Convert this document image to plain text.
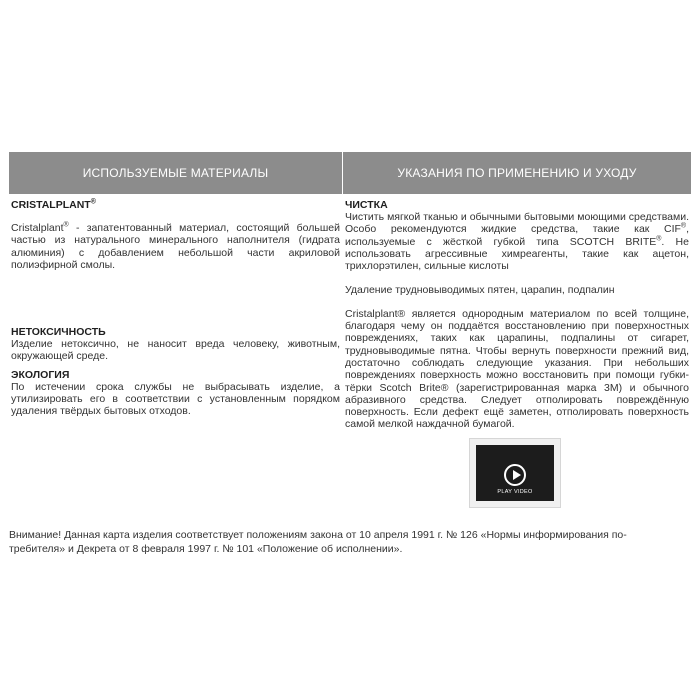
ИСПОЛЬЗУЕМЫЕ МАТЕРИАЛЫ

CRISTALPLANT®

Cristalplant® - запатентованный материал, состоящий большей частью из натурального минерального наполнителя (гидрата алюминия) с добавлением небольшой части акриловой полиэфирной смолы.

НЕТОКСИЧНОСТЬ

Изделие нетоксично, не наносит вреда человеку, животным, окружающей среде.

ЭКОЛОГИЯ

По истечении срока службы не выбрасывать изделие, а утилизировать его в соответствии с установленным порядком удаления твёрдых бытовых отходов.

УКАЗАНИЯ ПО ПРИМЕНЕНИЮ И УХОДУ

ЧИСТКА

Чистить мягкой тканью и обычными бытовыми моющими средствами. Особо рекомендуются жидкие средства, такие как CIF®, используемые с жёсткой губкой типа SCOTCH BRITE®. Не использовать агрессивные химреагенты, такие как ацетон, трихлорэтилен, сильные кислоты

Удаление трудновыводимых пятен, царапин, подпалин

Cristalplant® является однородным материалом по всей толщине, благодаря чему он поддаётся восстановлению при поверхностных повреждениях, таких как царапины, подпалины от сигарет, трудновыводимые пятна. Чтобы вернуть поверхности прежний вид, достаточно соблюдать следующие указания. При небольших повреждениях поверхность можно восстановить при помощи губки-тёрки Scotch Brite® (зарегистрированная марка 3М) и обычного абразивного средства. Следует отполировать повреждённую поверхность. Если дефект ещё заметен, отполировать поверхность самой мелкой наждачной бумагой.

PLAY VIDEO

Внимание! Данная карта изделия соответствует положениям закона от 10 апреля 1991 г. № 126 «Нормы информирования по-
требителя» и Декрета от 8 февраля 1997 г. № 101 «Положение об исполнении».
